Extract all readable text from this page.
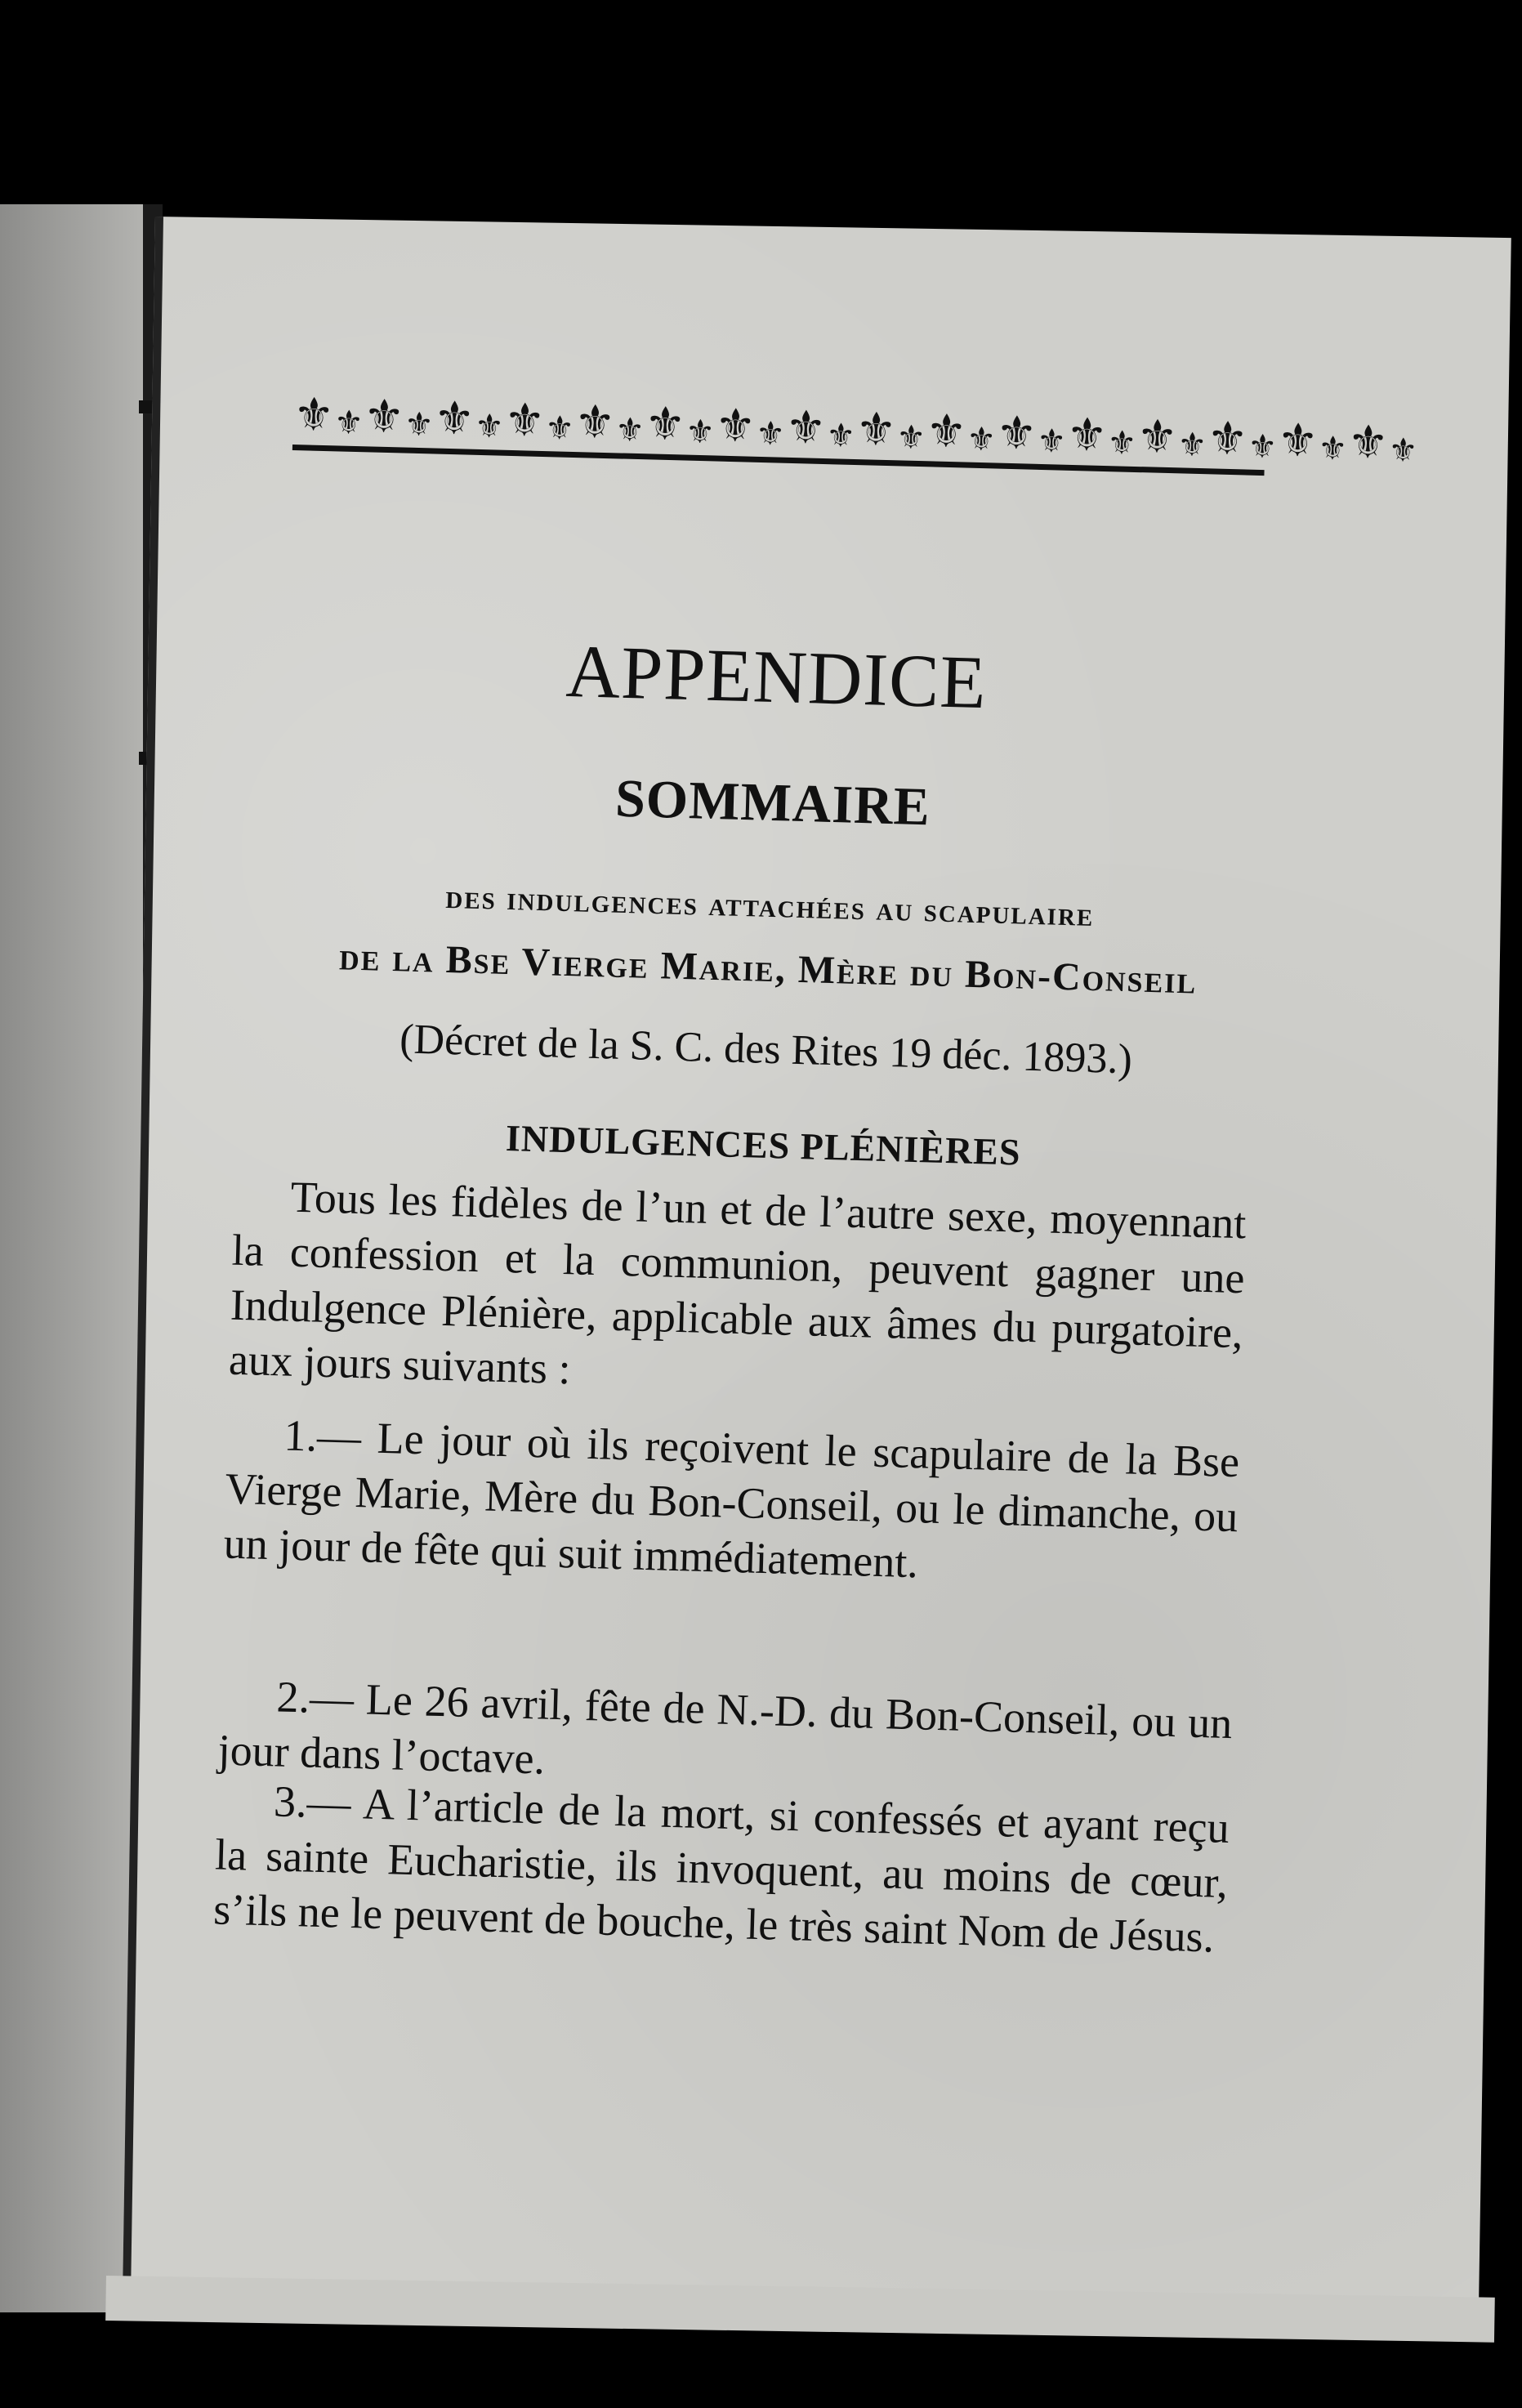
⚜
⚜
⚜
⚜
⚜
⚜
⚜
⚜
⚜
⚜
⚜
⚜
⚜
⚜
⚜
⚜
⚜
⚜
⚜
⚜
⚜
⚜
⚜
⚜
⚜
⚜
⚜
⚜
⚜
⚜
⚜
⚜
APPENDICE
SOMMAIRE
des indulgences attachées au scapulaire
de la Bse Vierge Marie, Mère du Bon-Conseil
(Décret de la S. C. des Rites 19 déc. 1893.)
INDULGENCES PLÉNIÈRES

Tous les fidèles de l’un et de l’autre sexe, moyennant la confession et la communion, peuvent gagner une Indulgence Plénière, applicable aux âmes du purgatoire, aux jours suivants :

1.— Le jour où ils reçoivent le scapulaire de la Bse Vierge Marie, Mère du Bon-Conseil, ou le dimanche, ou un jour de fête qui suit immédiatement.

2.— Le 26 avril, fête de N.-D. du Bon-Conseil, ou un jour dans l’octave.

3.— A l’article de la mort, si confessés et ayant reçu la sainte Eucharistie, ils invoquent, au moins de cœur, s’ils ne le peuvent de bouche, le très saint Nom de Jésus.
